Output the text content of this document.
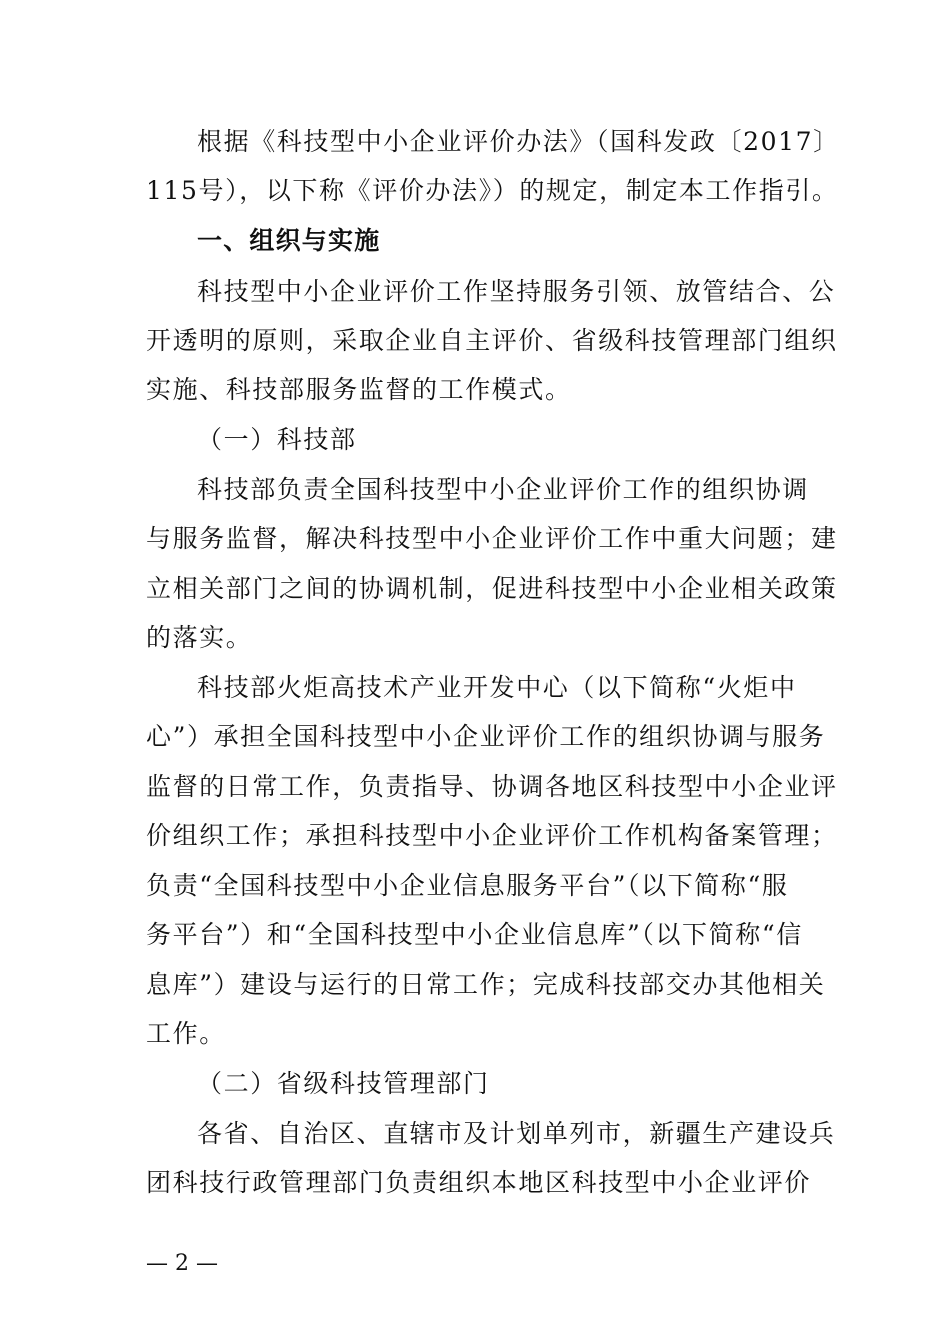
根据《科技型中小企业评价办法》（国科发政〔2017〕
115号），以下称《评价办法》）的规定，制定本工作指引。
一、组织与实施
科技型中小企业评价工作坚持服务引领、放管结合、公
开透明的原则，采取企业自主评价、省级科技管理部门组织
实施、科技部服务监督的工作模式。
（一）科技部
科技部负责全国科技型中小企业评价工作的组织协调
与服务监督，解决科技型中小企业评价工作中重大问题；建
立相关部门之间的协调机制，促进科技型中小企业相关政策
的落实。
科技部火炬高技术产业开发中心（以下简称“火炬中
心”）承担全国科技型中小企业评价工作的组织协调与服务
监督的日常工作，负责指导、协调各地区科技型中小企业评
价组织工作；承担科技型中小企业评价工作机构备案管理；
负责“全国科技型中小企业信息服务平台”（以下简称“服
务平台”）和“全国科技型中小企业信息库”（以下简称“信
息库”）建设与运行的日常工作；完成科技部交办其他相关
工作。
（二）省级科技管理部门
各省、自治区、直辖市及计划单列市，新疆生产建设兵
团科技行政管理部门负责组织本地区科技型中小企业评价
— 2 —
